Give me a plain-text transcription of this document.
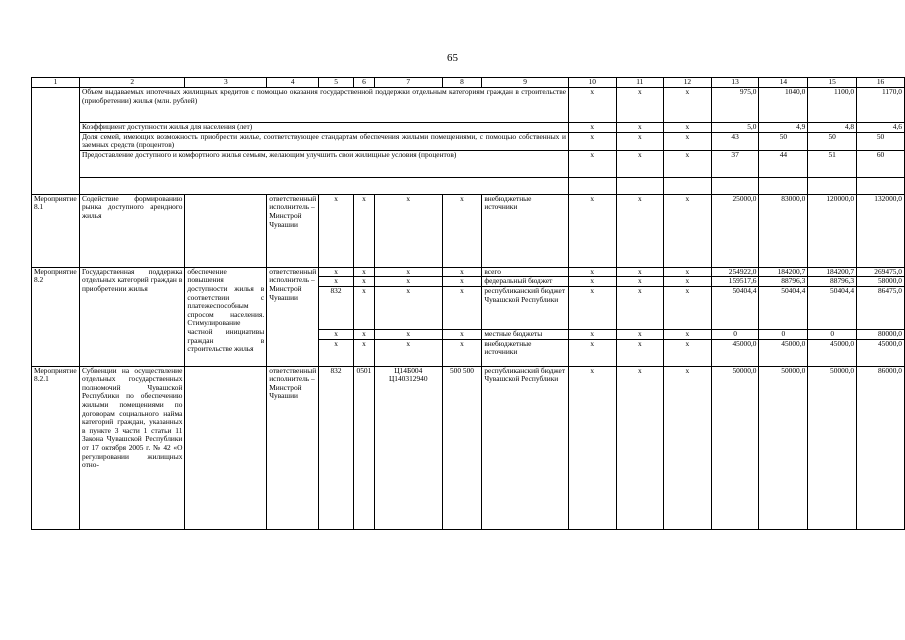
65
1	2	3	4	5	6	7	8	9	10	11	12	13	14	15	16
	Объем выдаваемых ипотечных жилищных кредитов с помощью оказания государственной поддержки отдельным категориям граждан в строительстве (приобретении) жилья (млн. рублей)								х	х	х	975,0	1040,0	1100,0	1170,0
	Коэффициент доступности жилья для населения (лет)								х	х	х	5,0	4,9	4,8	4,6
	Доля семей, имеющих возможность приобрести жилье, соответствующее стандартам обеспечения жилыми помещениями, с помощью собственных и заемных средств (процентов)								х	х	х	43	50	50	50
	Предоставление доступного и комфортного жилья семьям, желающим улучшить свои жилищные условия (процентов)								х	х	х	37	44	51	60

Мероприятие 8.1	Содействие формированию рынка доступного арендного жилья		ответственный исполнитель – Минстрой Чувашии	х	х	х	х	внебюджетные источники	х	х	х	25000,0	83000,0	120000,0	132000,0
Мероприятие 8.2	Государственная поддержка отдельных категорий граждан в приобретении жилья	обеспечение повышения доступности жилья в соответствии с платежеспособным спросом населения. Стимулирование частной инициативы граждан в строительстве жилья	ответственный исполнитель – Минстрой Чувашии	х	х	х	х	всего	х	х	х	254922,0	184200,7	184200,7	269475,0
				х	х	х	х	федеральный бюджет	х	х	х	159517,6	88796,3	88796,3	58000,0
				832	х	х	х	республиканский бюджет Чувашской Республики	х	х	х	50404,4	50404,4	50404,4	86475,0
				х	х	х	х	местные бюджеты	х	х	х	0	0	0	80000,0
				х	х	х	х	внебюджетные источники	х	х	х	45000,0	45000,0	45000,0	45000,0
Мероприятие 8.2.1	Субвенции на осуществление отдельных государственных полномочий Чувашской Республики по обеспечению жилыми помещениями по договорам социального найма категорий граждан, указанных в пункте 3 части 1 статьи 11 Закона Чувашской Республики от 17 октября 2005 г. № 42 «О регулировании жилищных отно-		ответственный исполнитель – Минстрой Чувашии	832	0501	Ц14Б004 Ц140312940	500 500	республиканский бюджет Чувашской Республики	х	х	х	50000,0	50000,0	50000,0	86000,0
